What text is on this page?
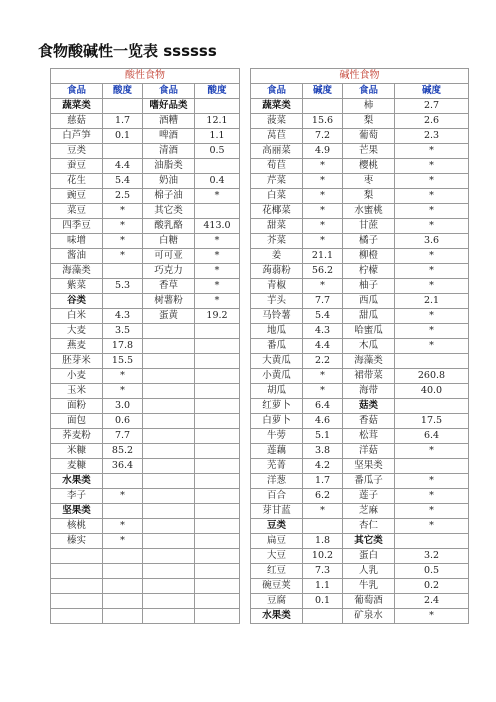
食物酸碱性一览表 ssssss
酸性食物					碱性食物			
食品	酸度	食品	酸度		食品	碱度	食品	碱度
蔬菜类		嗜好品类			蔬菜类		柿	2.7
慈菇	1.7	酒糟	12.1		菠菜	15.6	梨	2.6
白芦笋	0.1	啤酒	1.1		莴苣	7.2	葡萄	2.3
豆类		清酒	0.5		高丽菜	4.9	芒果	*
蚕豆	4.4	油脂类			荀苣	*	樱桃	*
花生	5.4	奶油	0.4		芹菜	*	枣	*
豌豆	2.5	棉子油	*		白菜	*	梨	*
菜豆	*	其它类			花椰菜	*	水蜜桃	*
四季豆	*	酸乳酪	413.0		甜菜	*	甘蔗	*
味增	*	白糖	*		芥菜	*	橘子	3.6
酱油	*	可可亚	*		姜	21.1	柳橙	*
海藻类		巧克力	*		蒟蒻粉	56.2	柠檬	*
紫菜	5.3	香草	*		青椒	*	柚子	*
谷类		树薯粉	*		芋头	7.7	西瓜	2.1
白米	4.3	蛋黄	19.2		马铃薯	5.4	甜瓜	*
大麦	3.5				地瓜	4.3	哈蜜瓜	*
燕麦	17.8				番瓜	4.4	木瓜	*
胚芽米	15.5				大黄瓜	2.2	海藻类	
小麦	*				小黄瓜	*	裙带菜	260.8
玉米	*				胡瓜	*	海带	40.0
面粉	3.0				红萝卜	6.4	菇类	
面包	0.6				白萝卜	4.6	香菇	17.5
荞麦粉	7.7				牛蒡	5.1	松茸	6.4
米糠	85.2				莲藕	3.8	洋菇	*
麦糠	36.4				芜菁	4.2	坚果类	
水果类					洋葱	1.7	番瓜子	*
李子	*				百合	6.2	莲子	*
坚果类					芽甘蓝	*	芝麻	*
核桃	*				豆类		杏仁	*
榛实	*				扁豆	1.8	其它类	
					大豆	10.2	蛋白	3.2
					红豆	7.3	人乳	0.5
					碗豆荚	1.1	牛乳	0.2
					豆腐	0.1	葡萄酒	2.4
					水果类		矿泉水	*
